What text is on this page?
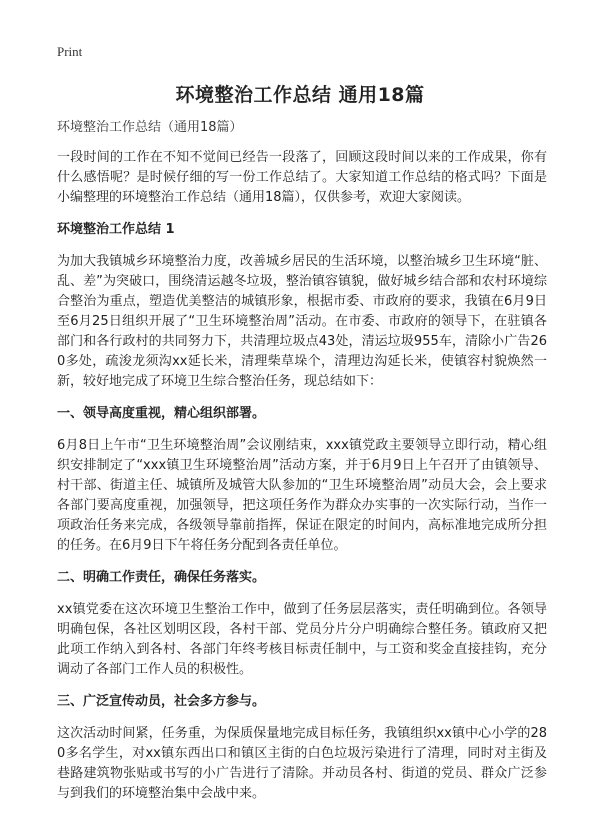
Print
环境整治工作总结 通用18篇

环境整治工作总结（通用18篇）

一段时间的工作在不知不觉间已经告一段落了，回顾这段时间以来的工作成果，你有什么感悟呢？是时候仔细的写一份工作总结了。大家知道工作总结的格式吗？下面是小编整理的环境整治工作总结（通用18篇），仅供参考，欢迎大家阅读。

环境整治工作总结 1

为加大我镇城乡环境整治力度，改善城乡居民的生活环境，以整治城乡卫生环境“脏、乱、差”为突破口，围绕清运越冬垃圾，整治镇容镇貌，做好城乡结合部和农村环境综合整治为重点，塑造优美整洁的城镇形象，根据市委、市政府的要求，我镇在6月9日至6月25日组织开展了“卫生环境整治周”活动。在市委、市政府的领导下，在驻镇各部门和各行政村的共同努力下，共清理垃圾点43处，清运垃圾955车，清除小广告260多处，疏浚龙须沟xx延长米，清理柴草垛个，清理边沟延长米，使镇容村貌焕然一新，较好地完成了环境卫生综合整治任务，现总结如下：

一、领导高度重视，精心组织部署。

6月8日上午市“卫生环境整治周”会议刚结束，xxx镇党政主要领导立即行动，精心组织安排制定了“xxx镇卫生环境整治周”活动方案，并于6月9日上午召开了由镇领导、村干部、街道主任、城镇所及城管大队参加的“卫生环境整治周”动员大会，会上要求各部门要高度重视，加强领导，把这项任务作为群众办实事的一次实际行动，当作一项政治任务来完成，各级领导靠前指挥，保证在限定的时间内，高标准地完成所分担的任务。在6月9日下午将任务分配到各责任单位。

二、明确工作责任，确保任务落实。

xx镇党委在这次环境卫生整治工作中，做到了任务层层落实，责任明确到位。各领导明确包保，各社区划明区段，各村干部、党员分片分户明确综合整任务。镇政府又把此项工作纳入到各村、各部门年终考核目标责任制中，与工资和奖金直接挂钩，充分调动了各部门工作人员的积极性。

三、广泛宣传动员，社会多方参与。

这次活动时间紧，任务重，为保质保量地完成目标任务，我镇组织xx镇中心小学的280多名学生，对xx镇东西出口和镇区主街的白色垃圾污染进行了清理，同时对主街及巷路建筑物张贴或书写的小广告进行了清除。并动员各村、街道的党员、群众广泛参与到我们的环境整治集中会战中来。
